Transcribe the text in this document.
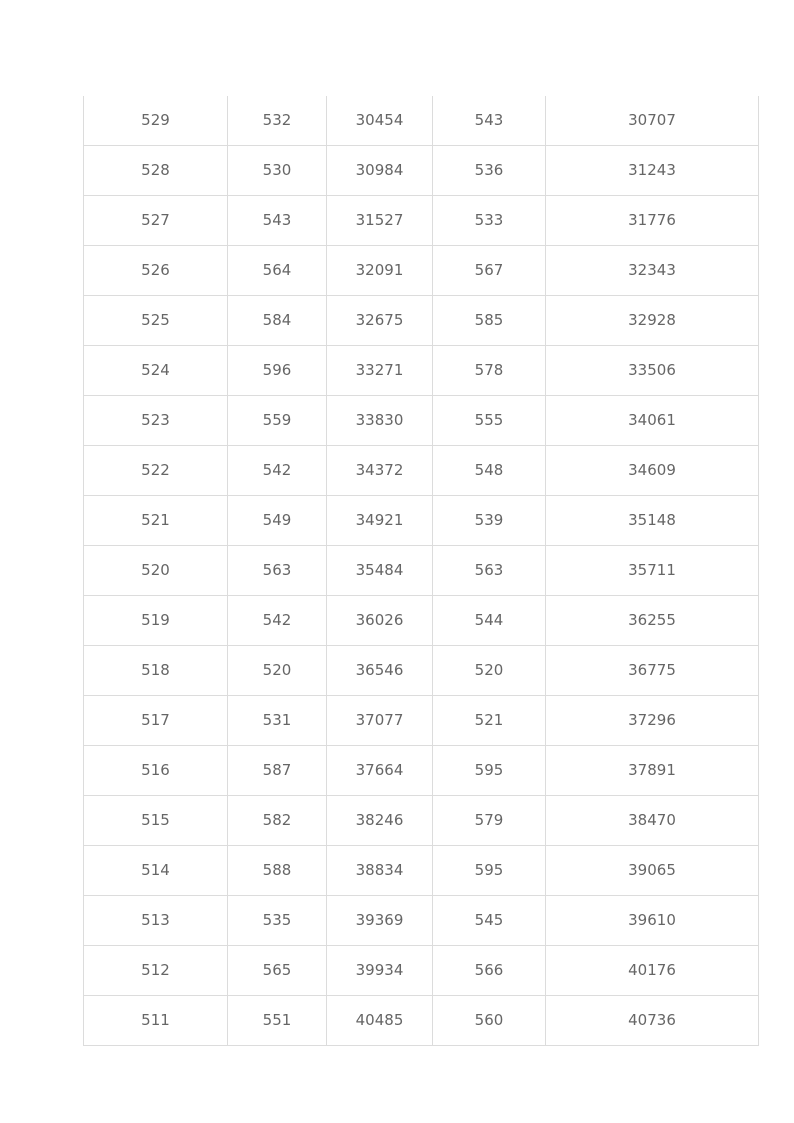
529	532	30454	543	30707
528	530	30984	536	31243
527	543	31527	533	31776
526	564	32091	567	32343
525	584	32675	585	32928
524	596	33271	578	33506
523	559	33830	555	34061
522	542	34372	548	34609
521	549	34921	539	35148
520	563	35484	563	35711
519	542	36026	544	36255
518	520	36546	520	36775
517	531	37077	521	37296
516	587	37664	595	37891
515	582	38246	579	38470
514	588	38834	595	39065
513	535	39369	545	39610
512	565	39934	566	40176
511	551	40485	560	40736
